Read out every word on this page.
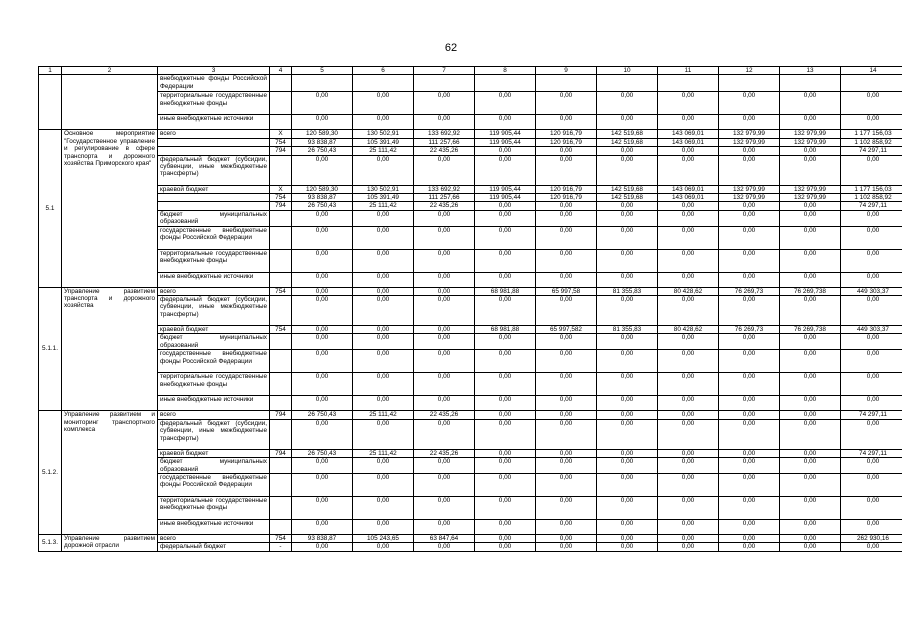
62
1	2	3	4	5	6	7	8	9	10	11	12	13	14
		внебюджетные фонды Российской Федерации											
		территориальные государственные внебюджетные фонды		0,00	0,00	0,00	0,00	0,00	0,00	0,00	0,00	0,00	0,00
		иные внебюджетные источники		0,00	0,00	0,00	0,00	0,00	0,00	0,00	0,00	0,00	0,00
5.1	Основное мероприятие "Государственное управление и регулирование в сфере транспорта и дорожного хозяйства Приморского края"	всего	X	120 589,30	130 502,91	133 692,92	119 905,44	120 916,79	142 519,68	143 069,01	132 979,99	132 979,99	1 177 156,03
			754	93 838,87	105 391,49	111 257,66	119 905,44	120 916,79	142 519,68	143 069,01	132 979,99	132 979,99	1 102 858,92
			794	26 750,43	25 111,42	22 435,26	0,00	0,00	0,00	0,00	0,00	0,00	74 297,11
		федеральный бюджет (субсидии, субвенции, иные межбюджетные трансферты)		0,00	0,00	0,00	0,00	0,00	0,00	0,00	0,00	0,00	0,00
		краевой бюджет	X	120 589,30	130 502,91	133 692,92	119 905,44	120 916,79	142 519,68	143 069,01	132 979,99	132 979,99	1 177 156,03
			754	93 838,87	105 391,49	111 257,66	119 905,44	120 916,79	142 519,68	143 069,01	132 979,99	132 979,99	1 102 858,92
			794	26 750,43	25 111,42	22 435,26	0,00	0,00	0,00	0,00	0,00	0,00	74 297,11
		бюджет муниципальных образований		0,00	0,00	0,00	0,00	0,00	0,00	0,00	0,00	0,00	0,00
		государственные внебюджетные фонды Российской Федерации		0,00	0,00	0,00	0,00	0,00	0,00	0,00	0,00	0,00	0,00
		территориальные государственные внебюджетные фонды		0,00	0,00	0,00	0,00	0,00	0,00	0,00	0,00	0,00	0,00
		иные внебюджетные источники		0,00	0,00	0,00	0,00	0,00	0,00	0,00	0,00	0,00	0,00
5.1.1.	Управление развитием транспорта и дорожного хозяйства	всего	754	0,00	0,00	0,00	68 981,88	65 997,58	81 355,83	80 428,62	76 269,73	76 269,738	449 303,37
		федеральный бюджет (субсидии, субвенции, иные межбюджетные трансферты)		0,00	0,00	0,00	0,00	0,00	0,00	0,00	0,00	0,00	0,00
		краевой бюджет	754	0,00	0,00	0,00	68 981,88	65 997,582	81 355,83	80 428,62	76 269,73	76 269,738	449 303,37
		бюджет муниципальных образований		0,00	0,00	0,00	0,00	0,00	0,00	0,00	0,00	0,00	0,00
		государственные внебюджетные фонды Российской Федерации		0,00	0,00	0,00	0,00	0,00	0,00	0,00	0,00	0,00	0,00
		территориальные государственные внебюджетные фонды		0,00	0,00	0,00	0,00	0,00	0,00	0,00	0,00	0,00	0,00
		иные внебюджетные источники		0,00	0,00	0,00	0,00	0,00	0,00	0,00	0,00	0,00	0,00
5.1.2.	Управление развитием и мониторинг транспортного комплекса	всего	794	26 750,43	25 111,42	22 435,26	0,00	0,00	0,00	0,00	0,00	0,00	74 297,11
		федеральный бюджет (субсидии, субвенции, иные межбюджетные трансферты)		0,00	0,00	0,00	0,00	0,00	0,00	0,00	0,00	0,00	0,00
		краевой бюджет	794	26 750,43	25 111,42	22 435,26	0,00	0,00	0,00	0,00	0,00	0,00	74 297,11
		бюджет муниципальных образований		0,00	0,00	0,00	0,00	0,00	0,00	0,00	0,00	0,00	0,00
		государственные внебюджетные фонды Российской Федерации		0,00	0,00	0,00	0,00	0,00	0,00	0,00	0,00	0,00	0,00
		территориальные государственные внебюджетные фонды		0,00	0,00	0,00	0,00	0,00	0,00	0,00	0,00	0,00	0,00
		иные внебюджетные источники		0,00	0,00	0,00	0,00	0,00	0,00	0,00	0,00	0,00	0,00
5.1.3.	Управление развитием дорожной отрасли	всего	754	93 838,87	105 243,65	63 847,64	0,00	0,00	0,00	0,00	0,00	0,00	262 930,16
		федеральный бюджет	-	0,00	0,00	0,00	0,00	0,00	0,00	0,00	0,00	0,00	0,00
